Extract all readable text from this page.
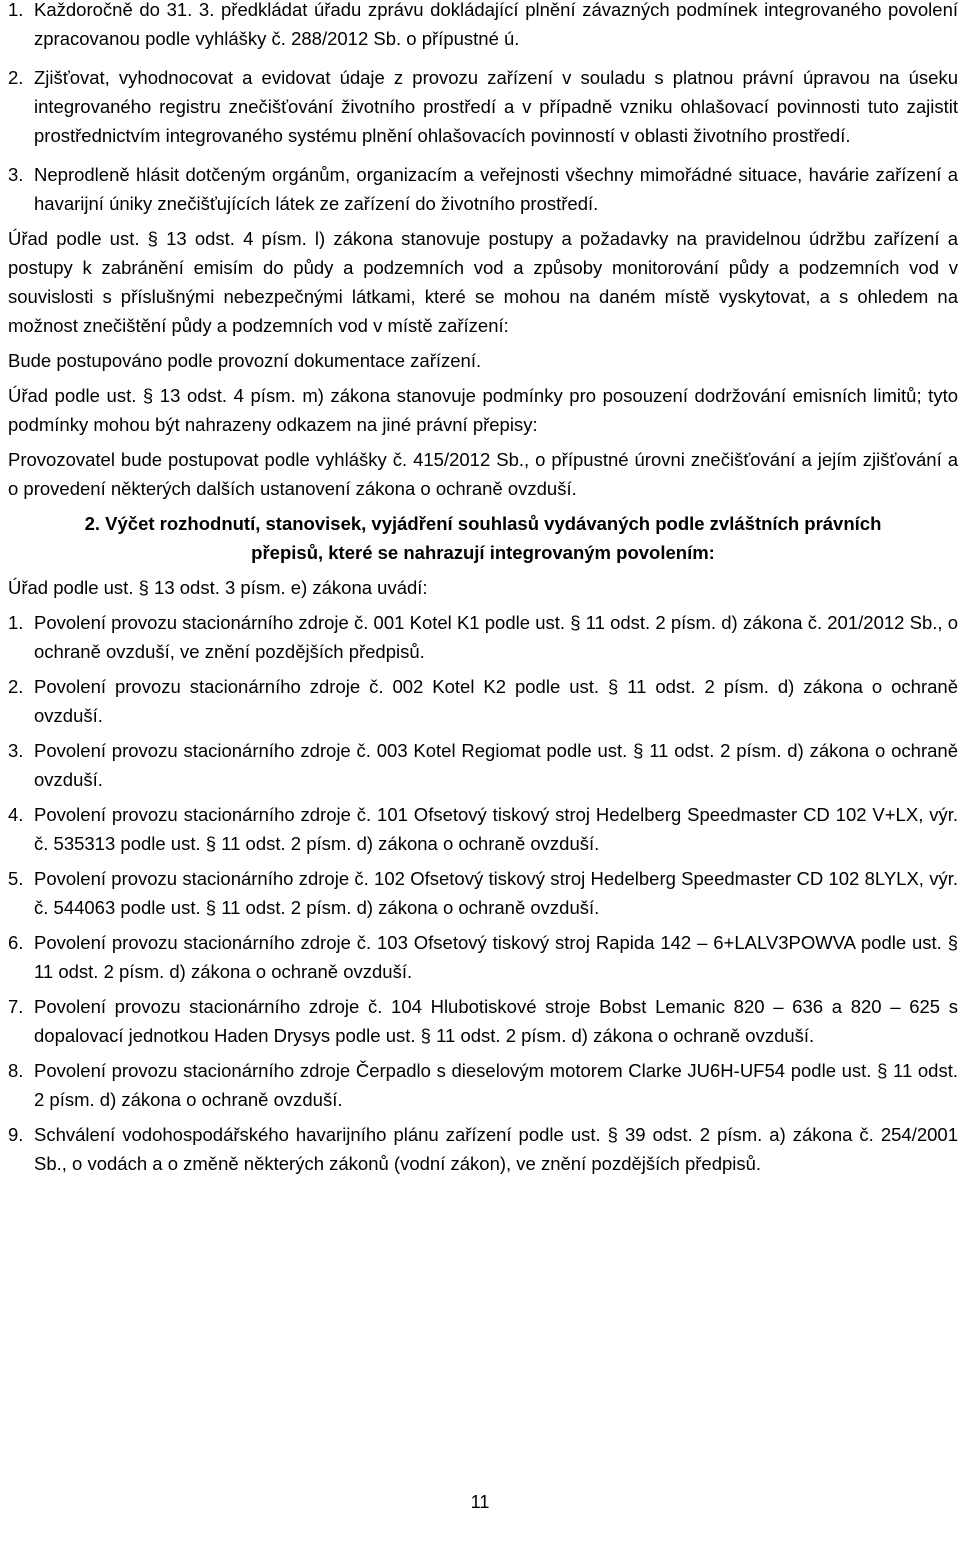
1. Každoročně do 31. 3. předkládat úřadu zprávu dokládající plnění závazných podmínek integrovaného povolení zpracovanou podle vyhlášky č. 288/2012 Sb. o přípustné ú.
2. Zjišťovat, vyhodnocovat a evidovat údaje z provozu zařízení v souladu s platnou právní úpravou na úseku integrovaného registru znečišťování životního prostředí a v případně vzniku ohlašovací povinnosti tuto zajistit prostřednictvím integrovaného systému plnění ohlašovacích povinností v oblasti životního prostředí.
3. Neprodleně hlásit dotčeným orgánům, organizacím a veřejnosti všechny mimořádné situace, havárie zařízení a havarijní úniky znečišťujících látek ze zařízení do životního prostředí.

Úřad podle ust. § 13 odst. 4 písm. l) zákona stanovuje postupy a požadavky na pravidelnou údržbu zařízení a postupy k zabránění emisím do půdy a podzemních vod a způsoby monitorování půdy a podzemních vod v souvislosti s příslušnými nebezpečnými látkami, které se mohou na daném místě vyskytovat, a s ohledem na možnost znečištění půdy a podzemních vod v místě zařízení:

Bude postupováno podle provozní dokumentace zařízení.

Úřad podle ust. § 13 odst. 4 písm. m) zákona stanovuje podmínky pro posouzení dodržování emisních limitů; tyto podmínky mohou být nahrazeny odkazem na jiné právní přepisy:

Provozovatel bude postupovat podle vyhlášky č. 415/2012 Sb., o přípustné úrovni znečišťování a jejím zjišťování a o provedení některých dalších ustanovení zákona o ochraně ovzduší.

2. Výčet rozhodnutí, stanovisek, vyjádření souhlasů vydávaných podle zvláštních právních
přepisů, které se nahrazují integrovaným povolením:

Úřad podle ust. § 13 odst. 3 písm. e) zákona uvádí:

1. Povolení provozu stacionárního zdroje č. 001 Kotel K1 podle ust. § 11 odst. 2 písm. d) zákona č. 201/2012 Sb., o ochraně ovzduší, ve znění pozdějších předpisů.
2. Povolení provozu stacionárního zdroje č. 002 Kotel K2 podle ust. § 11 odst. 2 písm. d) zákona o ochraně ovzduší.
3. Povolení provozu stacionárního zdroje č. 003 Kotel Regiomat podle ust. § 11 odst. 2 písm. d) zákona o ochraně ovzduší.
4. Povolení provozu stacionárního zdroje č. 101 Ofsetový tiskový stroj Hedelberg Speedmaster CD 102 V+LX, výr. č. 535313 podle ust. § 11 odst. 2 písm. d) zákona o ochraně ovzduší.
5. Povolení provozu stacionárního zdroje č. 102 Ofsetový tiskový stroj Hedelberg Speedmaster CD 102 8LYLX, výr. č. 544063 podle ust. § 11 odst. 2 písm. d) zákona o ochraně ovzduší.
6. Povolení provozu stacionárního zdroje č. 103 Ofsetový tiskový stroj Rapida 142 – 6+LALV3POWVA podle ust. § 11 odst. 2 písm. d) zákona o ochraně ovzduší.
7. Povolení provozu stacionárního zdroje č. 104 Hlubotiskové stroje Bobst Lemanic 820 – 636 a 820 – 625 s dopalovací jednotkou Haden Drysys podle ust. § 11 odst. 2 písm. d) zákona o ochraně ovzduší.
8. Povolení provozu stacionárního zdroje Čerpadlo s dieselovým motorem Clarke JU6H-UF54 podle ust. § 11 odst. 2 písm. d) zákona o ochraně ovzduší.
9. Schválení vodohospodářského havarijního plánu zařízení podle ust. § 39 odst. 2 písm. a) zákona č. 254/2001 Sb., o vodách a o změně některých zákonů (vodní zákon), ve znění pozdějších předpisů.
11
